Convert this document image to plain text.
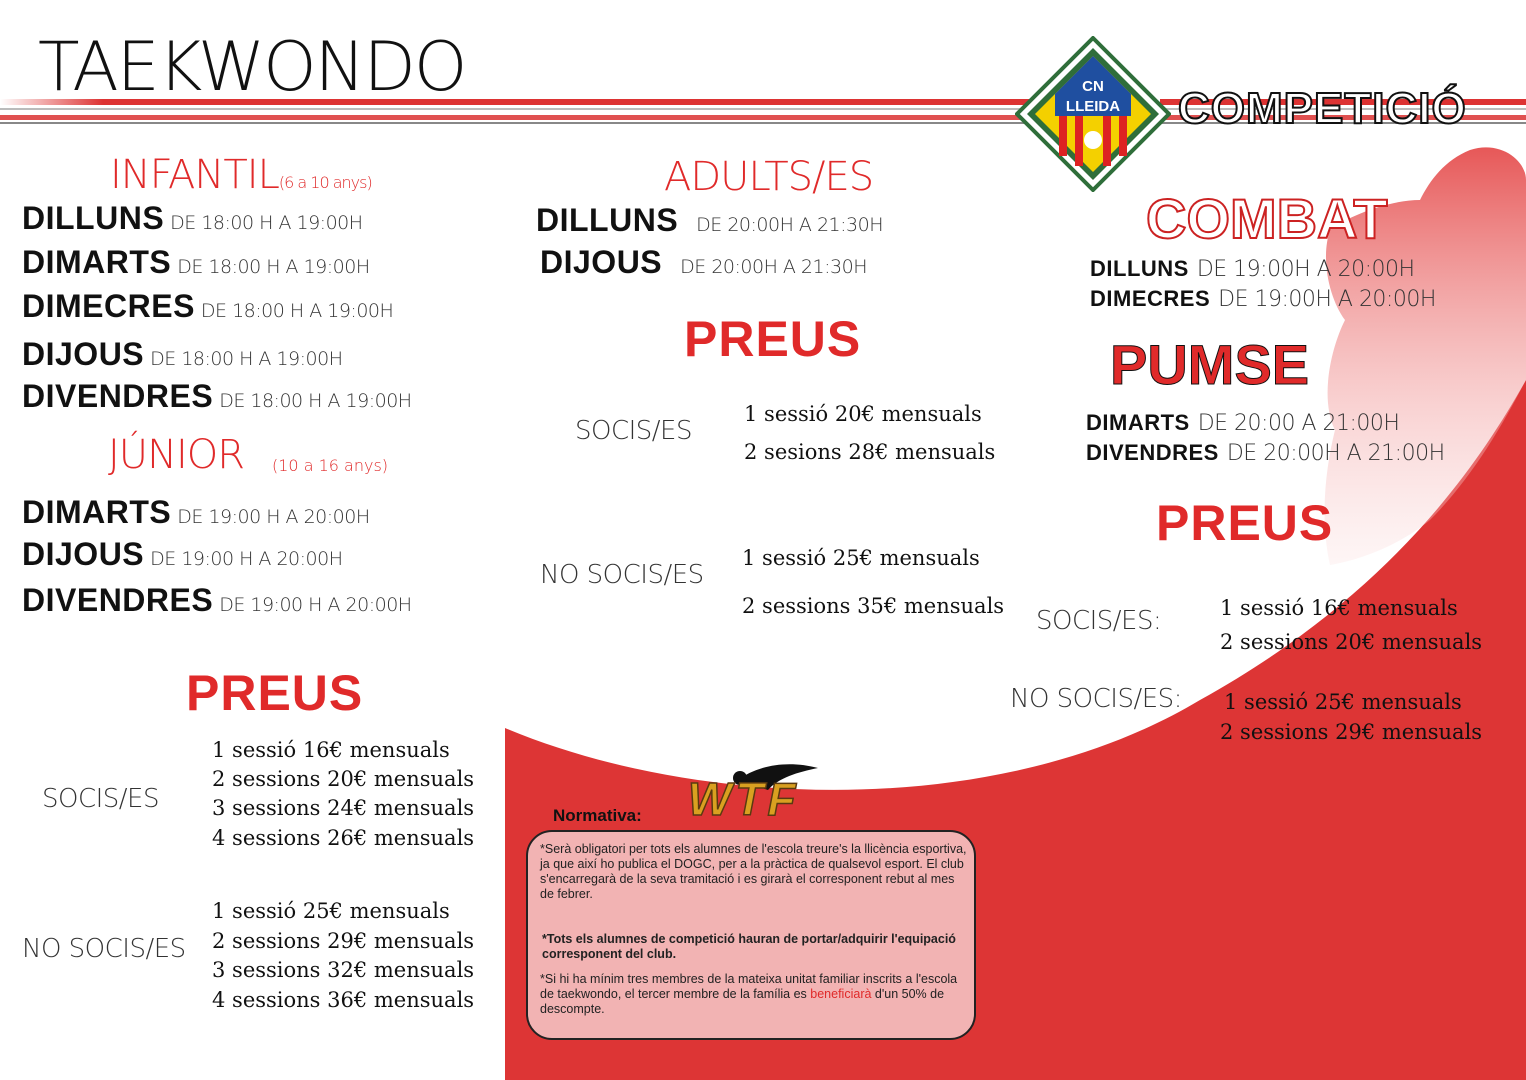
TAEKWONDO	CN
LLEIDA COMPETICIÓ
INFANTIL(6 a 10 anys)
DILLUNS DE 18:00 H A 19:00H
DIMARTS DE 18:00 H A 19:00H
DIMECRES DE 18:00 H A 19:00H
DIJOUS DE 18:00 H A 19:00H
DIVENDRES DE 18:00 H A 19:00H
JÚNIOR (10 a 16 anys)
DIMARTS DE 19:00 H A 20:00H
DIJOUS DE 19:00 H A 20:00H
DIVENDRES DE 19:00 H A 20:00H
PREUS
SOCIS/ES
1 sessió 16€ mensuals
2 sessions 20€ mensuals
3 sessions 24€ mensuals
4 sessions 26€ mensuals
NO SOCIS/ES
1 sessió 25€ mensuals
2 sessions 29€ mensuals
3 sessions 32€ mensuals
4 sessions 36€ mensuals
ADULTS/ES
DILLUNS DE 20:00H A 21:30H
DIJOUS DE 20:00H A 21:30H
PREUS
SOCIS/ES
1 sessió 20€ mensuals
2 sesions 28€ mensuals
NO SOCIS/ES
1 sessió 25€ mensuals
2 sessions 35€ mensuals
COMBAT
DILLUNS DE 19:00H A 20:00H
DIMECRES DE 19:00H A 20:00H
PUMSE
DIMARTS DE 20:00 A 21:00H
DIVENDRES DE 20:00H A 21:00H
PREUS
SOCIS/ES:	1 sessió 16€ mensuals
2 sessions 20€ mensuals
NO SOCIS/ES: 1 sessió 25€ mensuals
2 sessions 29€ mensuals
Normativa: WTF
*Serà obligatori per tots els alumnes de l'escola treure's la llicència esportiva, ja que així ho publica el DOGC, per a la pràctica de qualsevol esport. El club s'encarregarà de la seva tramitació i es girarà el corresponent rebut al mes de febrer.
*Tots els alumnes de competició hauran de portar/adquirir l'equipació corresponent del club.
*Si hi ha mínim tres membres de la mateixa unitat familiar inscrits a l'escola de taekwondo, el tercer membre de la família es beneficiarà d'un 50% de descompte.
